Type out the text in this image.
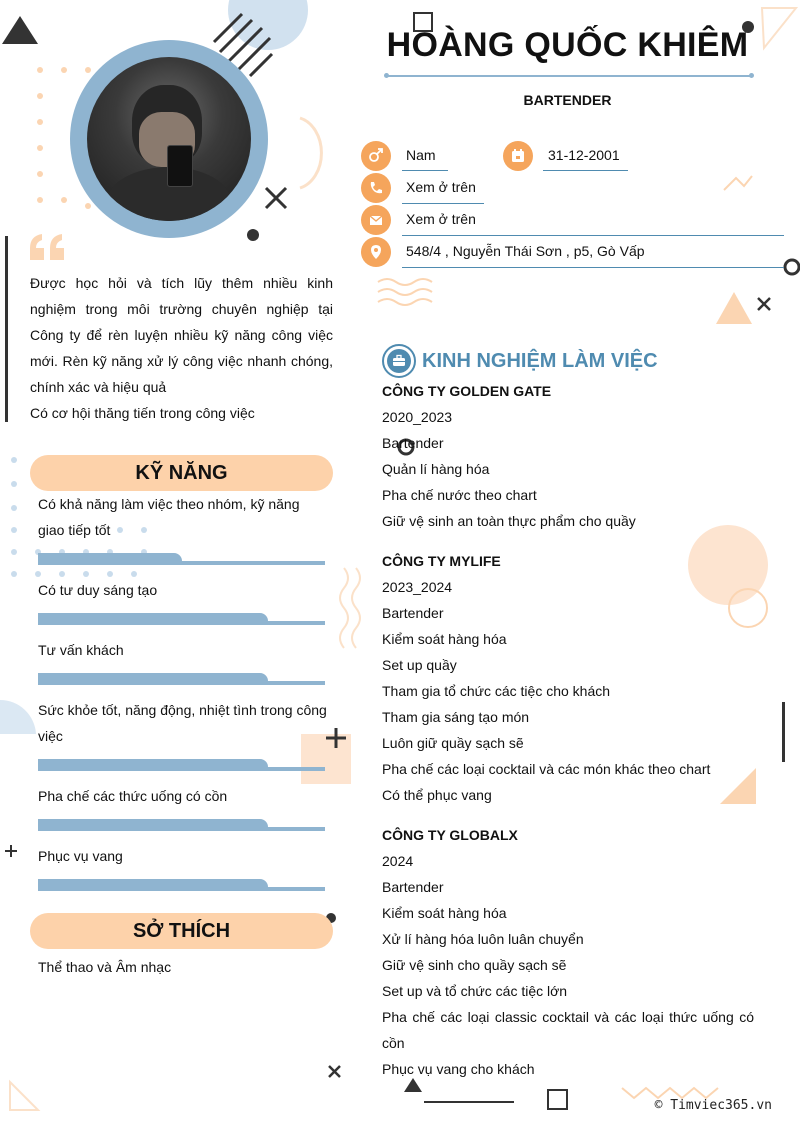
Được học hỏi và tích lũy thêm nhiều kinh nghiệm trong môi trường chuyên nghiệp tại Công ty để rèn luyện nhiều kỹ năng công việc mới. Rèn kỹ năng xử lý công việc nhanh chóng, chính xác và hiệu quả

Có cơ hội thăng tiến trong công việc

HOÀNG QUỐC KHIÊM
BARTENDER
Nam	31-12-2001
Xem ở trên
Xem ở trên
548/4 , Nguyễn Thái Sơn , p5, Gò Vấp
KỸ NĂNG
Có khả năng làm việc theo nhóm, kỹ năng giao tiếp tốt
Có tư duy sáng tạo
Tư vấn khách
Sức khỏe tốt, năng động, nhiệt tình trong công việc
Pha chế các thức uống có cồn
Phục vụ vang
SỞ THÍCH
Thể thao và Âm nhạc
KINH NGHIỆM LÀM VIỆC
CÔNG TY GOLDEN GATE
2020_2023
Bartender
Quản lí hàng hóa
Pha chế nước theo chart
Giữ vệ sinh an toàn thực phẩm cho quầy
CÔNG TY MYLIFE
2023_2024
Bartender
Kiểm soát hàng hóa
Set up quầy
Tham gia tổ chức các tiệc cho khách
Tham gia sáng tạo món
Luôn giữ quầy sạch sẽ
Pha chế các loại cocktail và các món khác theo chart
Có thể phục vang
CÔNG TY GLOBALX
2024
Bartender
Kiểm soát hàng hóa
Xử lí hàng hóa luôn luân chuyển
Giữ vệ sinh cho quầy sạch sẽ
Set up và tổ chức các tiệc lớn
Pha chế các loại classic cocktail và các loại thức uống có cồn
Phục vụ vang cho khách
© Timviec365.vn
